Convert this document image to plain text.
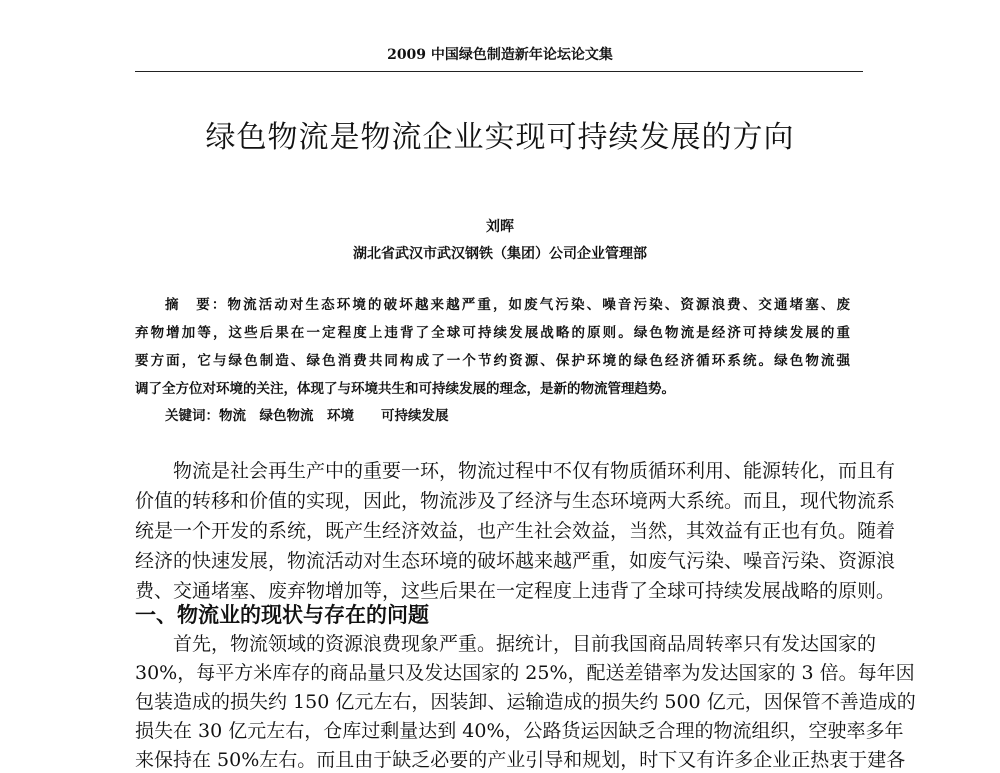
2009 中国绿色制造新年论坛论文集
绿色物流是物流企业实现可持续发展的方向
刘晖
湖北省武汉市武汉钢铁（集团）公司企业管理部
摘　要：物流活动对生态环境的破坏越来越严重，如废气污染、噪音污染、资源浪费、交通堵塞、废
弃物增加等，这些后果在一定程度上违背了全球可持续发展战略的原则。绿色物流是经济可持续发展的重
要方面，它与绿色制造、绿色消费共同构成了一个节约资源、保护环境的绿色经济循环系统。绿色物流强
调了全方位对环境的关注，体现了与环境共生和可持续发展的理念，是新的物流管理趋势。
关键词：物流　绿色物流　环境　　可持续发展
　　物流是社会再生产中的重要一环，物流过程中不仅有物质循环利用、能源转化，而且有
价值的转移和价值的实现，因此，物流涉及了经济与生态环境两大系统。而且，现代物流系
统是一个开发的系统，既产生经济效益，也产生社会效益，当然，其效益有正也有负。随着
经济的快速发展，物流活动对生态环境的破坏越来越严重，如废气污染、噪音污染、资源浪
费、交通堵塞、废弃物增加等，这些后果在一定程度上违背了全球可持续发展战略的原则。
一、物流业的现状与存在的问题
　　首先，物流领域的资源浪费现象严重。据统计，目前我国商品周转率只有发达国家的
30%，每平方米库存的商品量只及发达国家的 25%，配送差错率为发达国家的 3 倍。每年因
包装造成的损失约 150 亿元左右，因装卸、运输造成的损失约 500 亿元，因保管不善造成的
损失在 30 亿元左右，仓库过剩量达到 40%，公路货运因缺乏合理的物流组织，空驶率多年
来保持在 50%左右。而且由于缺乏必要的产业引导和规划，时下又有许多企业正热衷于建各
